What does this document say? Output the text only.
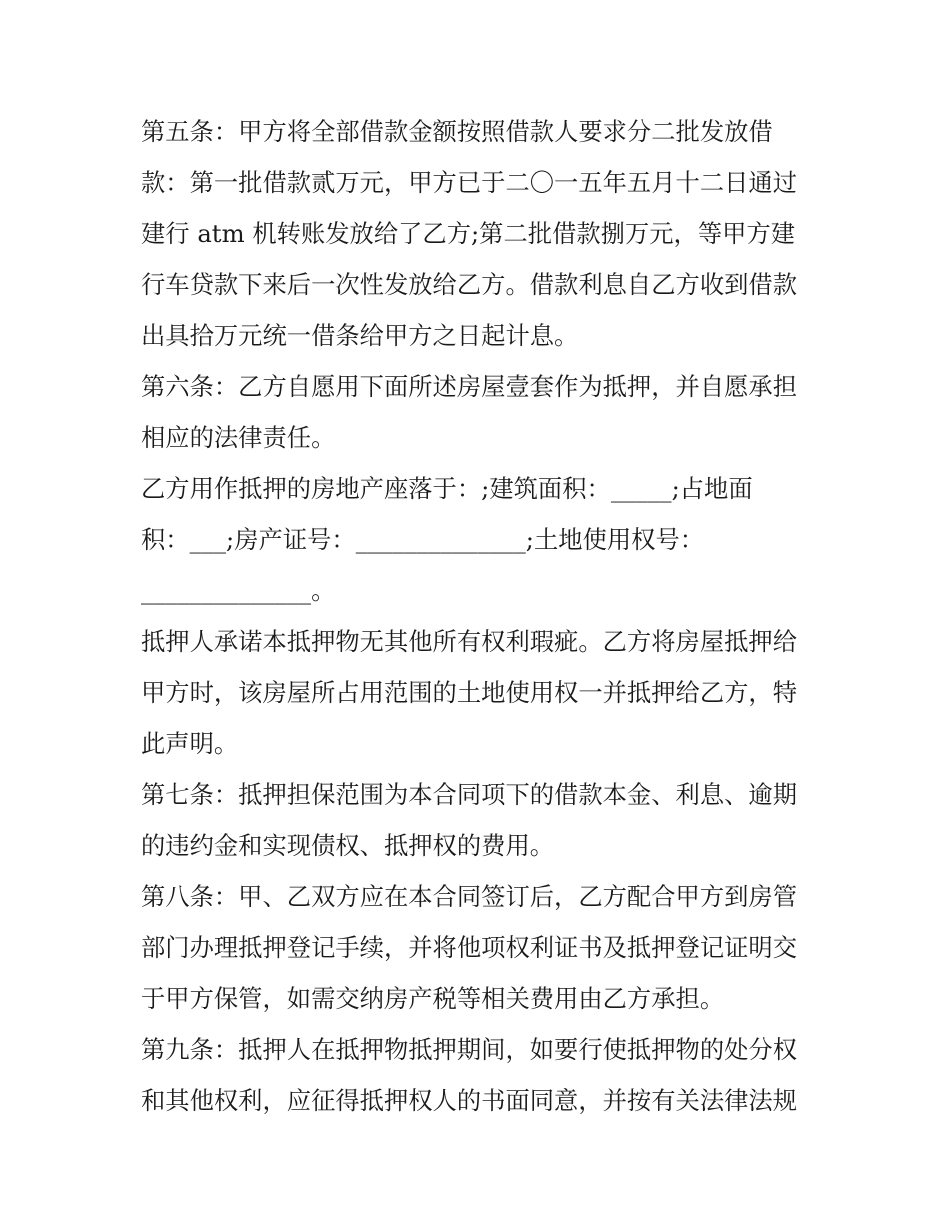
第五条：甲方将全部借款金额按照借款人要求分二批发放借
款：第一批借款贰万元，甲方已于二〇一五年五月十二日通过
建行 atm 机转账发放给了乙方;第二批借款捌万元，等甲方建
行车贷款下来后一次性发放给乙方。借款利息自乙方收到借款
出具拾万元统一借条给甲方之日起计息。

第六条：乙方自愿用下面所述房屋壹套作为抵押，并自愿承担
相应的法律责任。

乙方用作抵押的房地产座落于：;建筑面积：_____;占地面
积：___;房产证号：______________;土地使用权号：
______________。

抵押人承诺本抵押物无其他所有权利瑕疵。乙方将房屋抵押给
甲方时，该房屋所占用范围的土地使用权一并抵押给乙方，特
此声明。

第七条：抵押担保范围为本合同项下的借款本金、利息、逾期
的违约金和实现债权、抵押权的费用。

第八条：甲、乙双方应在本合同签订后，乙方配合甲方到房管
部门办理抵押登记手续，并将他项权利证书及抵押登记证明交
于甲方保管，如需交纳房产税等相关费用由乙方承担。

第九条：抵押人在抵押物抵押期间，如要行使抵押物的处分权
和其他权利，应征得抵押权人的书面同意，并按有关法律法规
